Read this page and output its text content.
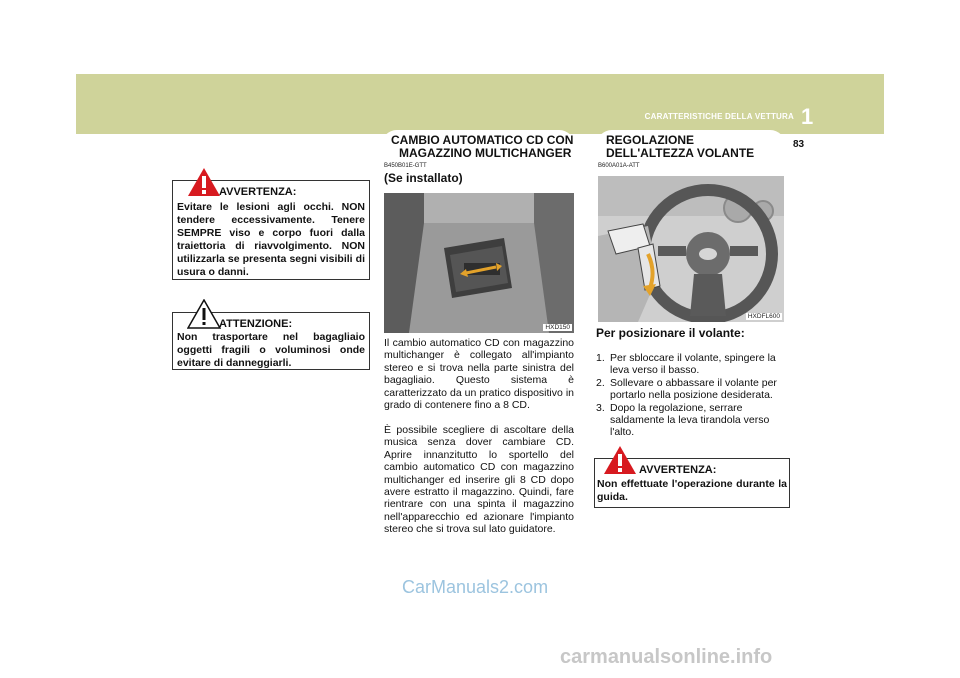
CARATTERISTICHE DELLA VETTURA 1
83
AVVERTENZA:
Evitare le lesioni agli occhi. NON tendere eccessivamente. Tenere SEMPRE viso e corpo fuori dalla traiettoria di riavvolgimento. NON utilizzarla se presenta segni visibili di usura o danni.
ATTENZIONE:
Non trasportare nel bagagliaio oggetti fragili o voluminosi onde evitare di danneggiarli.
CAMBIO AUTOMATICO CD CON
MAGAZZINO MULTICHANGER
B450B01E-GTT
(Se installato)
HXD150
Il cambio automatico CD con magazzino multichanger è collegato all'impianto stereo e si trova nella parte sinistra del bagagliaio. Questo sistema è caratterizzato da un pratico dispositivo in grado di contenere fino a 8 CD.
È possibile scegliere di ascoltare della musica senza dover cambiare CD. Aprire innanzitutto lo sportello del cambio automatico CD con magazzino multichanger ed inserire gli 8 CD dopo avere estratto il magazzino. Quindi, fare rientrare con una spinta il magazzino nell'apparecchio ed azionare l'impianto stereo che si trova sul lato guidatore.
REGOLAZIONE
DELL'ALTEZZA VOLANTE
B600A01A-ATT
HXDFL600
Per posizionare il volante:
1. Per sbloccare il volante, spingere la leva verso il basso.
2. Sollevare o abbassare il volante per portarlo nella posizione desiderata.
3. Dopo la regolazione, serrare saldamente la leva tirandola verso l'alto.
AVVERTENZA:
Non effettuate l'operazione durante la guida.
CarManuals2.com
carmanualsonline.info
